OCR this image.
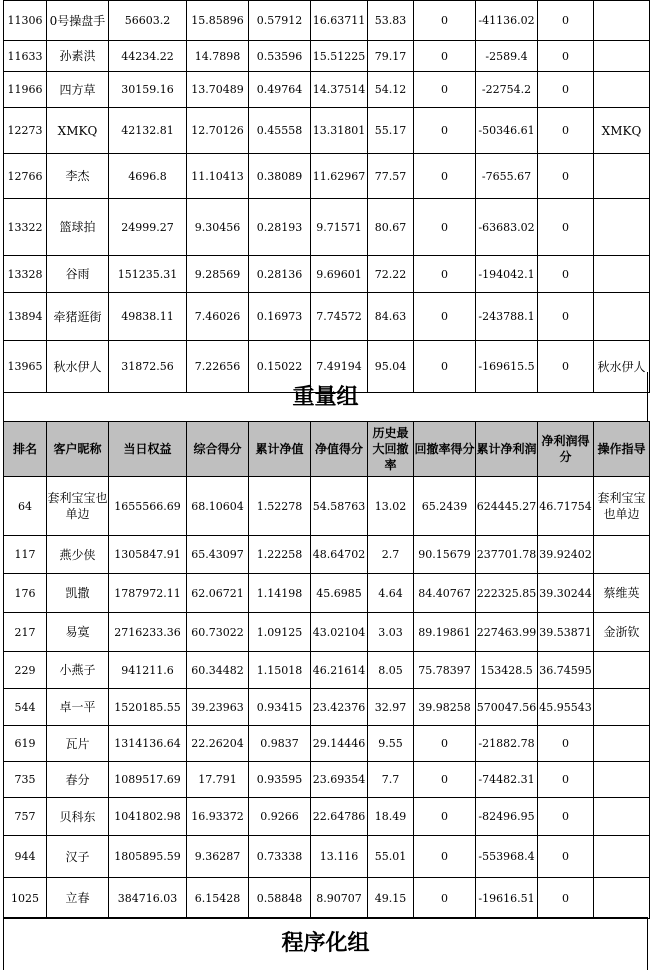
11306	0号操盘手	56603.2	15.85896	0.57912	16.63711	53.83	0	-41136.02	0	
11633	孙素洪	44234.22	14.7898	0.53596	15.51225	79.17	0	-2589.4	0	
11966	四方草	30159.16	13.70489	0.49764	14.37514	54.12	0	-22754.2	0	
12273	XMKQ	42132.81	12.70126	0.45558	13.31801	55.17	0	-50346.61	0	XMKQ
12766	李杰	4696.8	11.10413	0.38089	11.62967	77.57	0	-7655.67	0	
13322	篮球拍	24999.27	9.30456	0.28193	9.71571	80.67	0	-63683.02	0	
13328	谷雨	151235.31	9.28569	0.28136	9.69601	72.22	0	-194042.1	0	
13894	牵猪逛街	49838.11	7.46026	0.16973	7.74572	84.63	0	-243788.1	0	
13965	秋水伊人	31872.56	7.22656	0.15022	7.49194	95.04	0	-169615.5	0	秋水伊人
重量组
排名	客户昵称	当日权益	综合得分	累计净值	净值得分	历史最大回撤率	回撤率得分	累计净利润	净利润得分	操作指导
64	套利宝宝也单边	1655566.69	68.10604	1.52278	54.58763	13.02	65.2439	624445.27	46.71754	套利宝宝也单边
117	燕少侠	1305847.91	65.43097	1.22258	48.64702	2.7	90.15679	237701.78	39.92402	
176	凯撒	1787972.11	62.06721	1.14198	45.6985	4.64	84.40767	222325.85	39.30244	蔡维英
217	易寞	2716233.36	60.73022	1.09125	43.02104	3.03	89.19861	227463.99	39.53871	金浙钦
229	小燕子	941211.6	60.34482	1.15018	46.21614	8.05	75.78397	153428.5	36.74595	
544	卓一平	1520185.55	39.23963	0.93415	23.42376	32.97	39.98258	570047.56	45.95543	
619	瓦片	1314136.64	22.26204	0.9837	29.14446	9.55	0	-21882.78	0	
735	春分	1089517.69	17.791	0.93595	23.69354	7.7	0	-74482.31	0	
757	贝科东	1041802.98	16.93372	0.9266	22.64786	18.49	0	-82496.95	0	
944	汉子	1805895.59	9.36287	0.73338	13.116	55.01	0	-553968.4	0	
1025	立春	384716.03	6.15428	0.58848	8.90707	49.15	0	-19616.51	0	
程序化组
